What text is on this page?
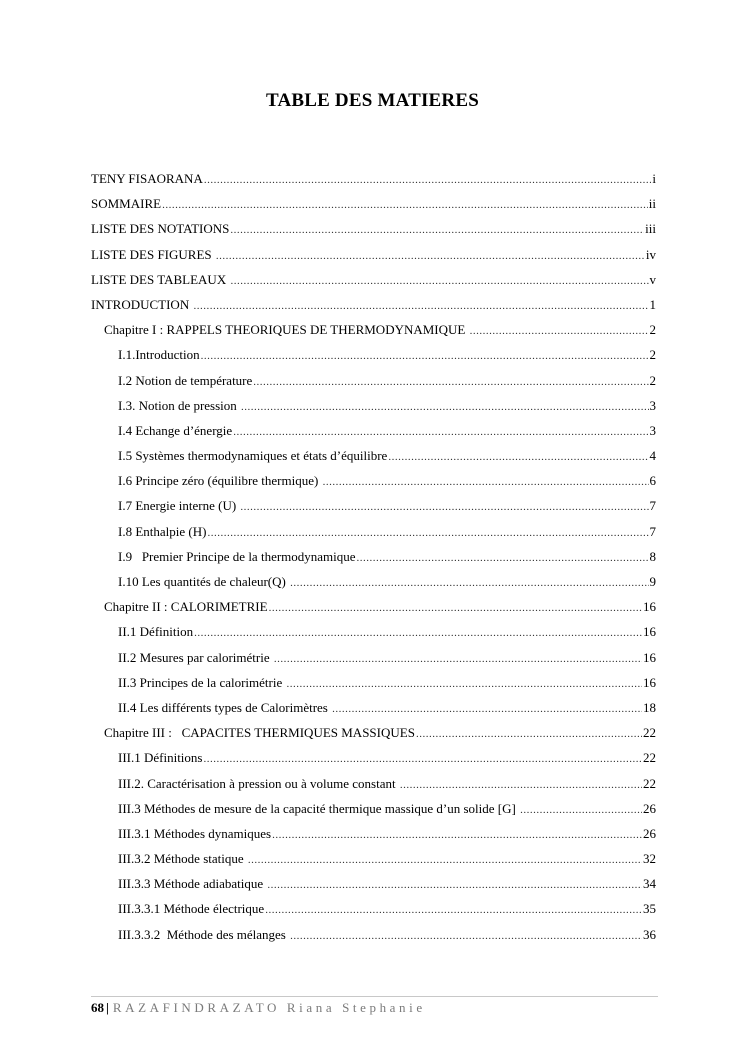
TABLE DES MATIERES
TENY FISAORANA .....	i
SOMMAIRE .....	ii
LISTE DES NOTATIONS .....	iii
LISTE DES FIGURES .....	iv
LISTE DES TABLEAUX .....	v
INTRODUCTION .....	1
Chapitre I : RAPPELS THEORIQUES DE THERMODYNAMIQUE .....	2
I.1.Introduction .....	2
I.2 Notion de température .....	2
I.3. Notion de pression .....	3
I.4 Echange d’énergie .....	3
I.5 Systèmes thermodynamiques et états d’équilibre .....	4
I.6 Principe zéro (équilibre thermique) .....	6
I.7 Energie interne (U) .....	7
I.8 Enthalpie (H) .....	7
I.9   Premier Principe de la thermodynamique .....	8
I.10 Les quantités de chaleur(Q) .....	9
Chapitre II : CALORIMETRIE .....	16
II.1 Définition .....	16
II.2 Mesures par calorimétrie .....	16
II.3 Principes de la calorimétrie .....	16
II.4 Les différents types de Calorimètres .....	18
Chapitre III :   CAPACITES THERMIQUES MASSIQUES .....	22
III.1 Définitions .....	22
III.2. Caractérisation à pression ou à volume constant .....	22
III.3 Méthodes de mesure de la capacité thermique massique d’un solide [G] .....	26
III.3.1 Méthodes dynamiques .....	26
III.3.2 Méthode statique .....	32
III.3.3 Méthode adiabatique .....	34
III.3.3.1 Méthode électrique .....	35
III.3.3.2  Méthode des mélanges .....	36
68 | RAZAFINDRAZATO Riana Stephanie
